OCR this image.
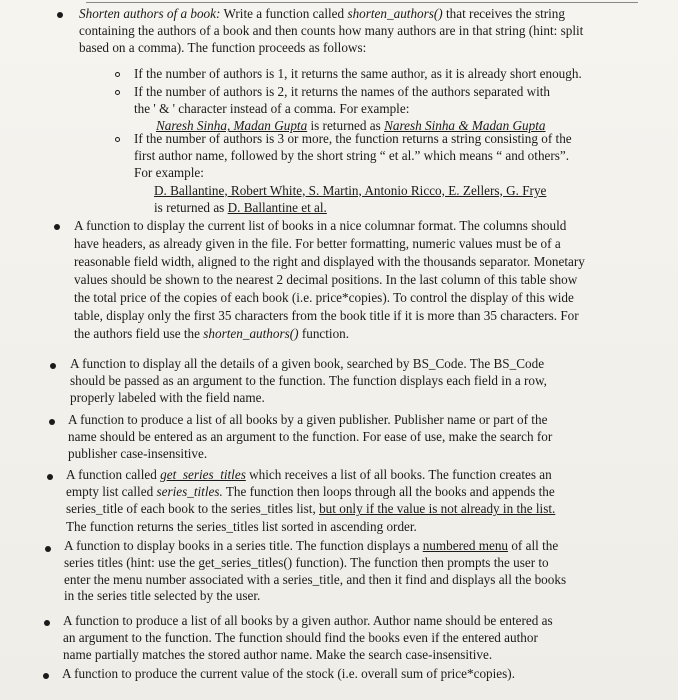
Shorten authors of a book: Write a function called shorten_authors() that receives the string
containing the authors of a book and then counts how many authors are in that string (hint: split
based on a comma). The function proceeds as follows:
If the number of authors is 1, it returns the same author, as it is already short enough.
If the number of authors is 2, it returns the names of the authors separated with
the ' & ' character instead of a comma. For example:
Naresh Sinha, Madan Gupta is returned as Naresh Sinha & Madan Gupta
If the number of authors is 3 or more, the function returns a string consisting of the
first author name, followed by the short string “ et al.” which means “ and others”.
For example:
D. Ballantine, Robert White, S. Martin, Antonio Ricco, E. Zellers, G. Frye
is returned as D. Ballantine et al.
A function to display the current list of books in a nice columnar format. The columns should
have headers, as already given in the file. For better formatting, numeric values must be of a
reasonable field width, aligned to the right and displayed with the thousands separator. Monetary
values should be shown to the nearest 2 decimal positions. In the last column of this table show
the total price of the copies of each book (i.e. price*copies). To control the display of this wide
table, display only the first 35 characters from the book title if it is more than 35 characters. For
the authors field use the shorten_authors() function.
A function to display all the details of a given book, searched by BS_Code. The BS_Code
should be passed as an argument to the function. The function displays each field in a row,
properly labeled with the field name.
A function to produce a list of all books by a given publisher. Publisher name or part of the
name should be entered as an argument to the function. For ease of use, make the search for
publisher case-insensitive.
A function called get_series_titles which receives a list of all books. The function creates an
empty list called series_titles. The function then loops through all the books and appends the
series_title of each book to the series_titles list, but only if the value is not already in the list.
The function returns the series_titles list sorted in ascending order.
A function to display books in a series title. The function displays a numbered menu of all the
series titles (hint: use the get_series_titles() function). The function then prompts the user to
enter the menu number associated with a series_title, and then it find and displays all the books
in the series title selected by the user.
A function to produce a list of all books by a given author. Author name should be entered as
an argument to the function. The function should find the books even if the entered author
name partially matches the stored author name. Make the search case-insensitive.
A function to produce the current value of the stock (i.e. overall sum of price*copies).
